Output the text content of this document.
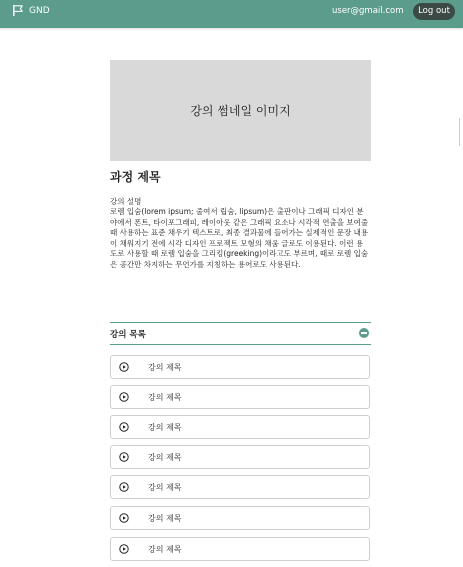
GND	user@gmail.com	Log out
강의 썸네일 이미지
과정 제목
강의 설명
로렘 입숨(lorem ipsum; 줄여서 립숨, lipsum)은 출판이나 그래픽 디자인 분야에서 폰트, 타이포그래피, 레이아웃 같은 그래픽 요소나 시각적 연출을 보여줄 때 사용하는 표준 채우기 텍스트로, 최종 결과물에 들어가는 실제적인 문장 내용이 채워지기 전에 시각 디자인 프로젝트 모형의 채움 글로도 이용된다. 이런 용도로 사용할 때 로렘 입숨을 그리킹(greeking)이라고도 부르며, 때로 로렘 입숨은 공간만 차지하는 무언가를 지칭하는 용어로도 사용된다.
강의 목록
강의 제목
강의 제목
강의 제목
강의 제목
강의 제목
강의 제목
강의 제목
